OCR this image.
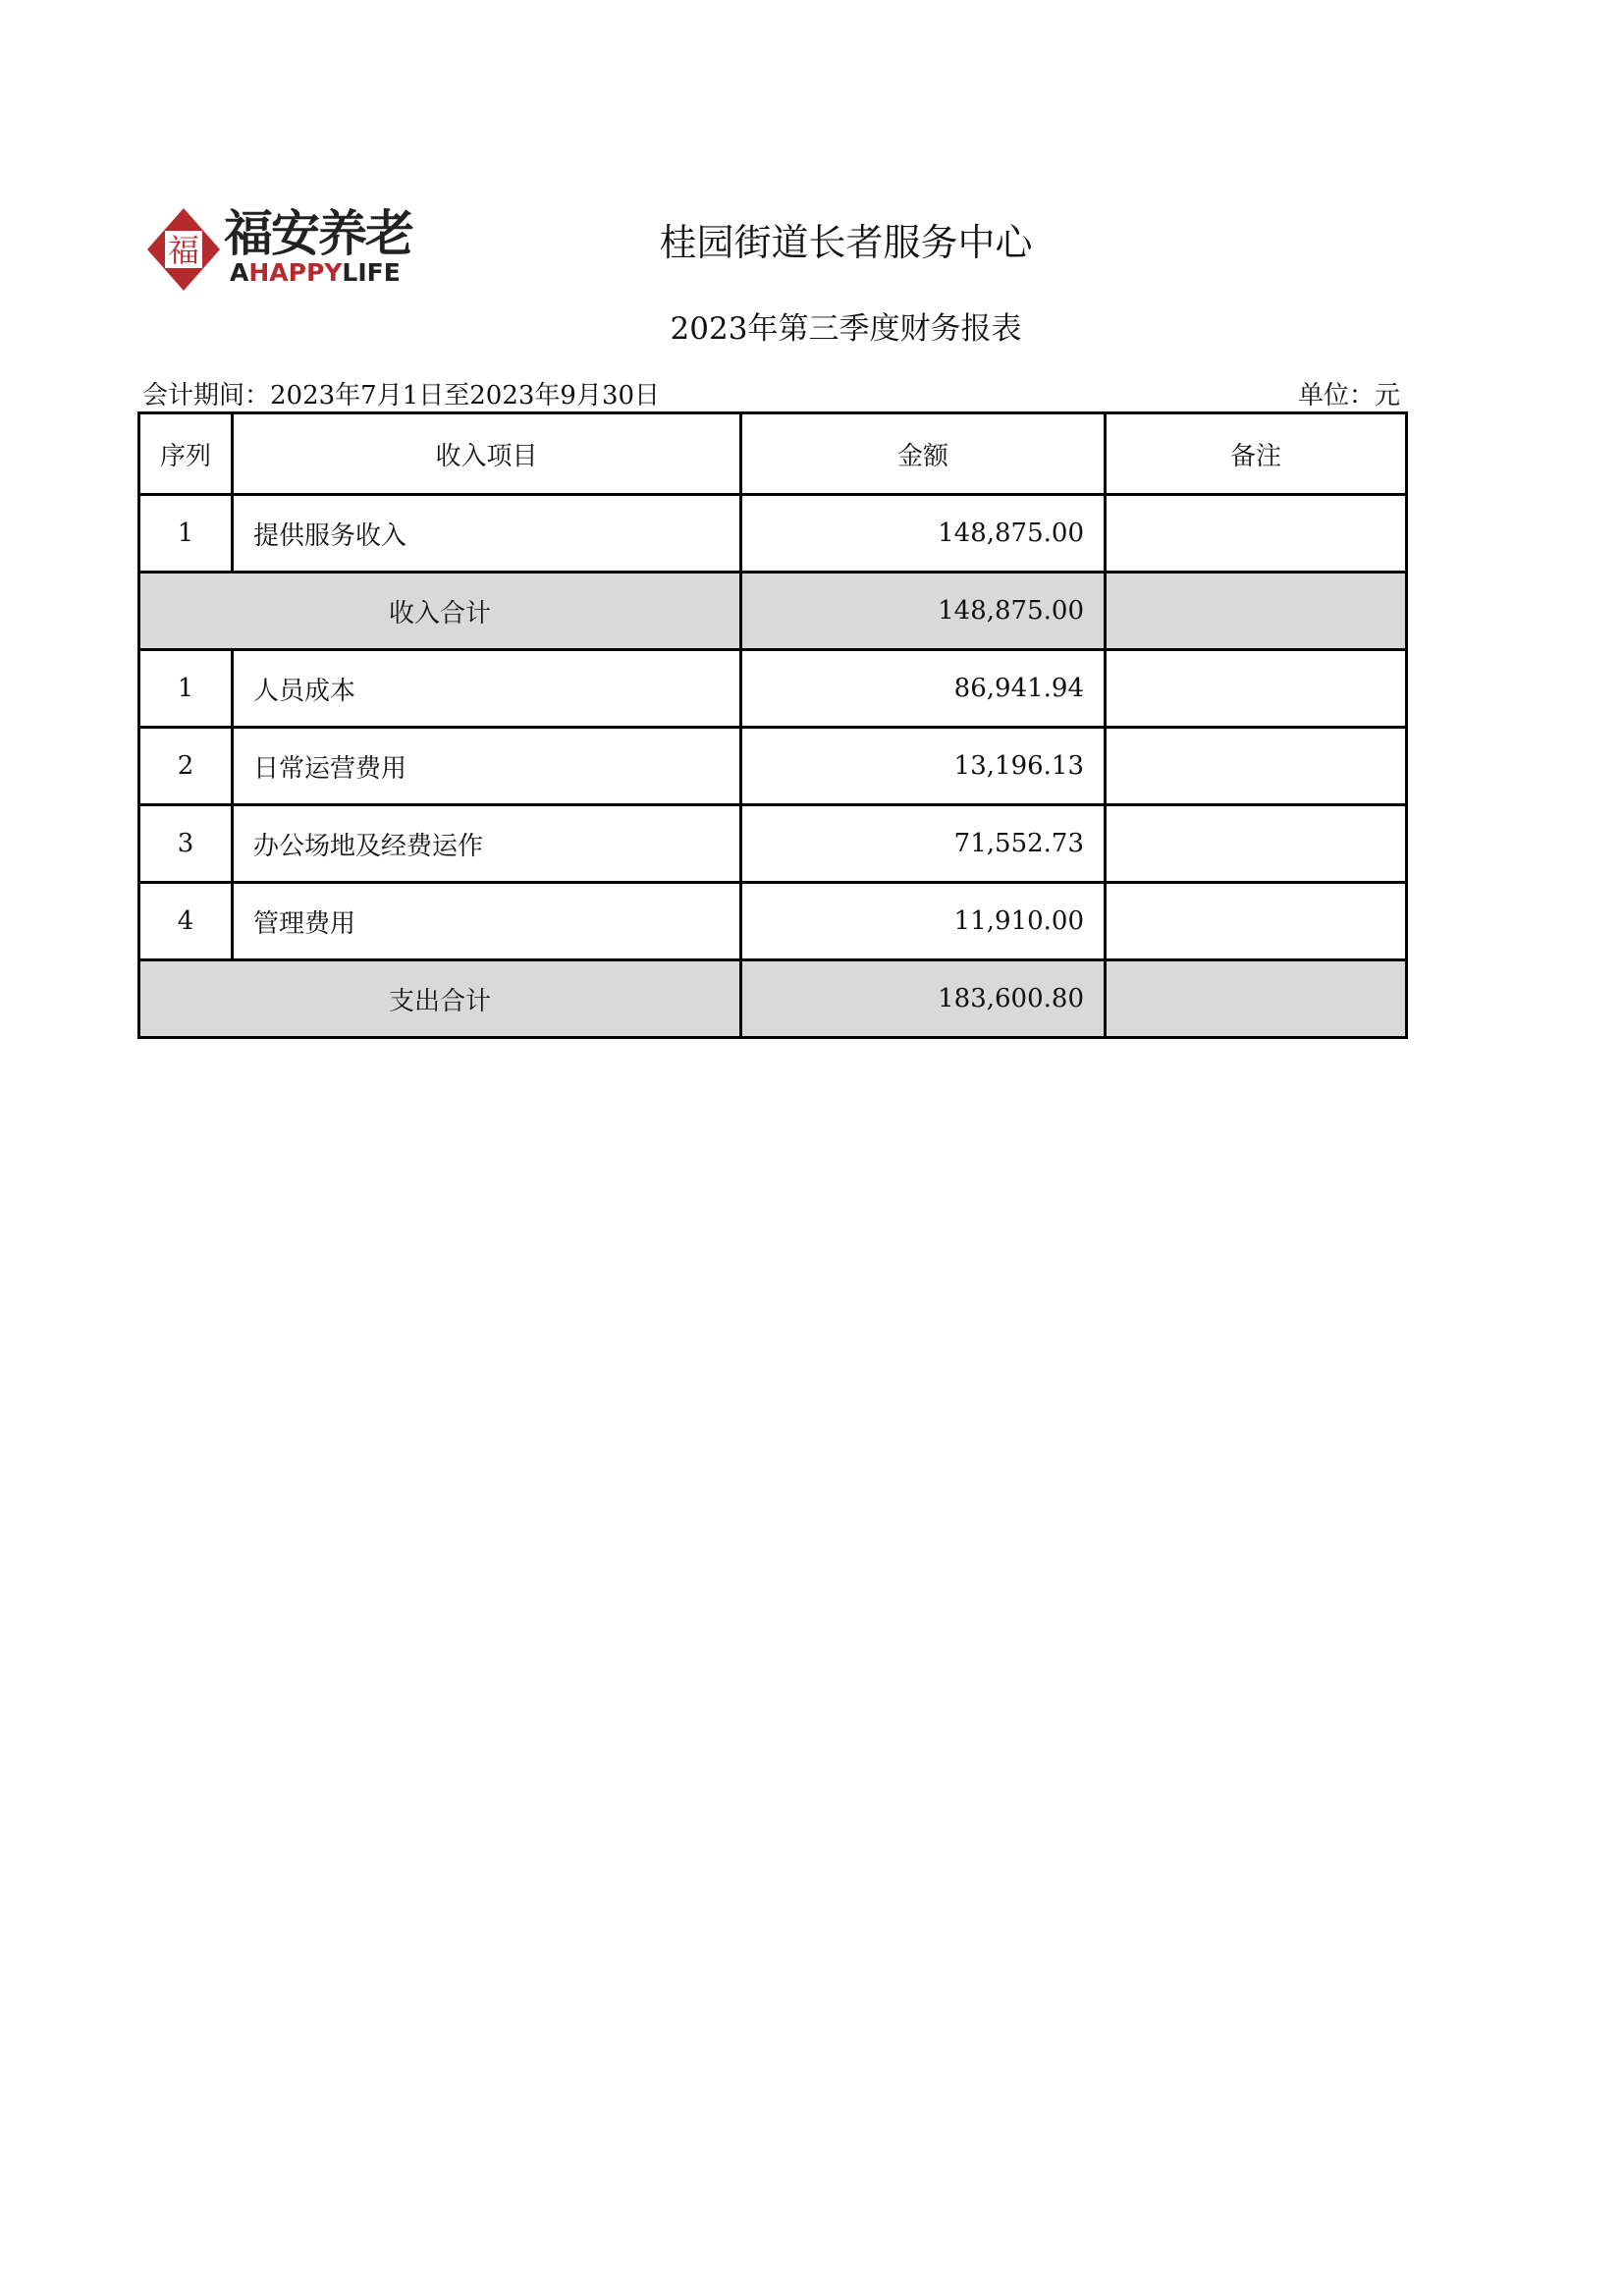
福 福安养老
AHAPPYLIFE
桂园街道长者服务中心
2023年第三季度财务报表
会计期间：2023年7月1日至2023年9月30日	单位：元
序列	收入项目	金额	备注
1	提供服务收入	148,875.00	
收入合计		148,875.00	
1	人员成本	86,941.94	
2	日常运营费用	13,196.13	
3	办公场地及经费运作	71,552.73	
4	管理费用	11,910.00	
支出合计		183,600.80	
